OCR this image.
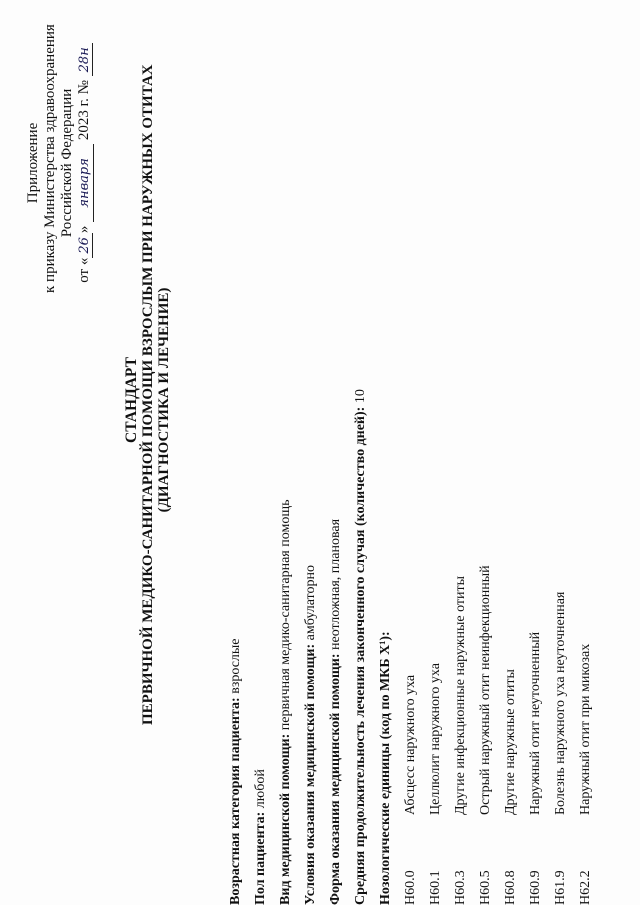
Приложение к приказу Министерства здравоохранения Российской Федерации
от «26» января 2023 г. № 28н
СТАНДАРТ ПЕРВИЧНОЙ МЕДИКО-САНИТАРНОЙ ПОМОЩИ ВЗРОСЛЫМ ПРИ НАРУЖНЫХ ОТИТАХ (ДИАГНОСТИКА И ЛЕЧЕНИЕ)
Возрастная категория пациента: взрослые
Пол пациента: любой Вид медицинской помощи: первичная медико-санитарная помощь
Условия оказания медицинской помощи: амбулаторно
Форма оказания медицинской помощи: неотложная, плановая Средняя продолжительность лечения законченного случая (количество дней): 10
Нозологические единицы (код по МКБ X¹): H60.0
Абсцесс наружного уха
H60.1
Целлюлит наружного уха
H60.3
Другие инфекционные наружные отиты
H60.5
Острый наружный отит неинфекционный
H60.8
Другие наружные отиты
H60.9
Наружный отит неуточненный
H61.9
Болезнь наружного уха неуточненная
H62.2
Наружный отит при микозах
